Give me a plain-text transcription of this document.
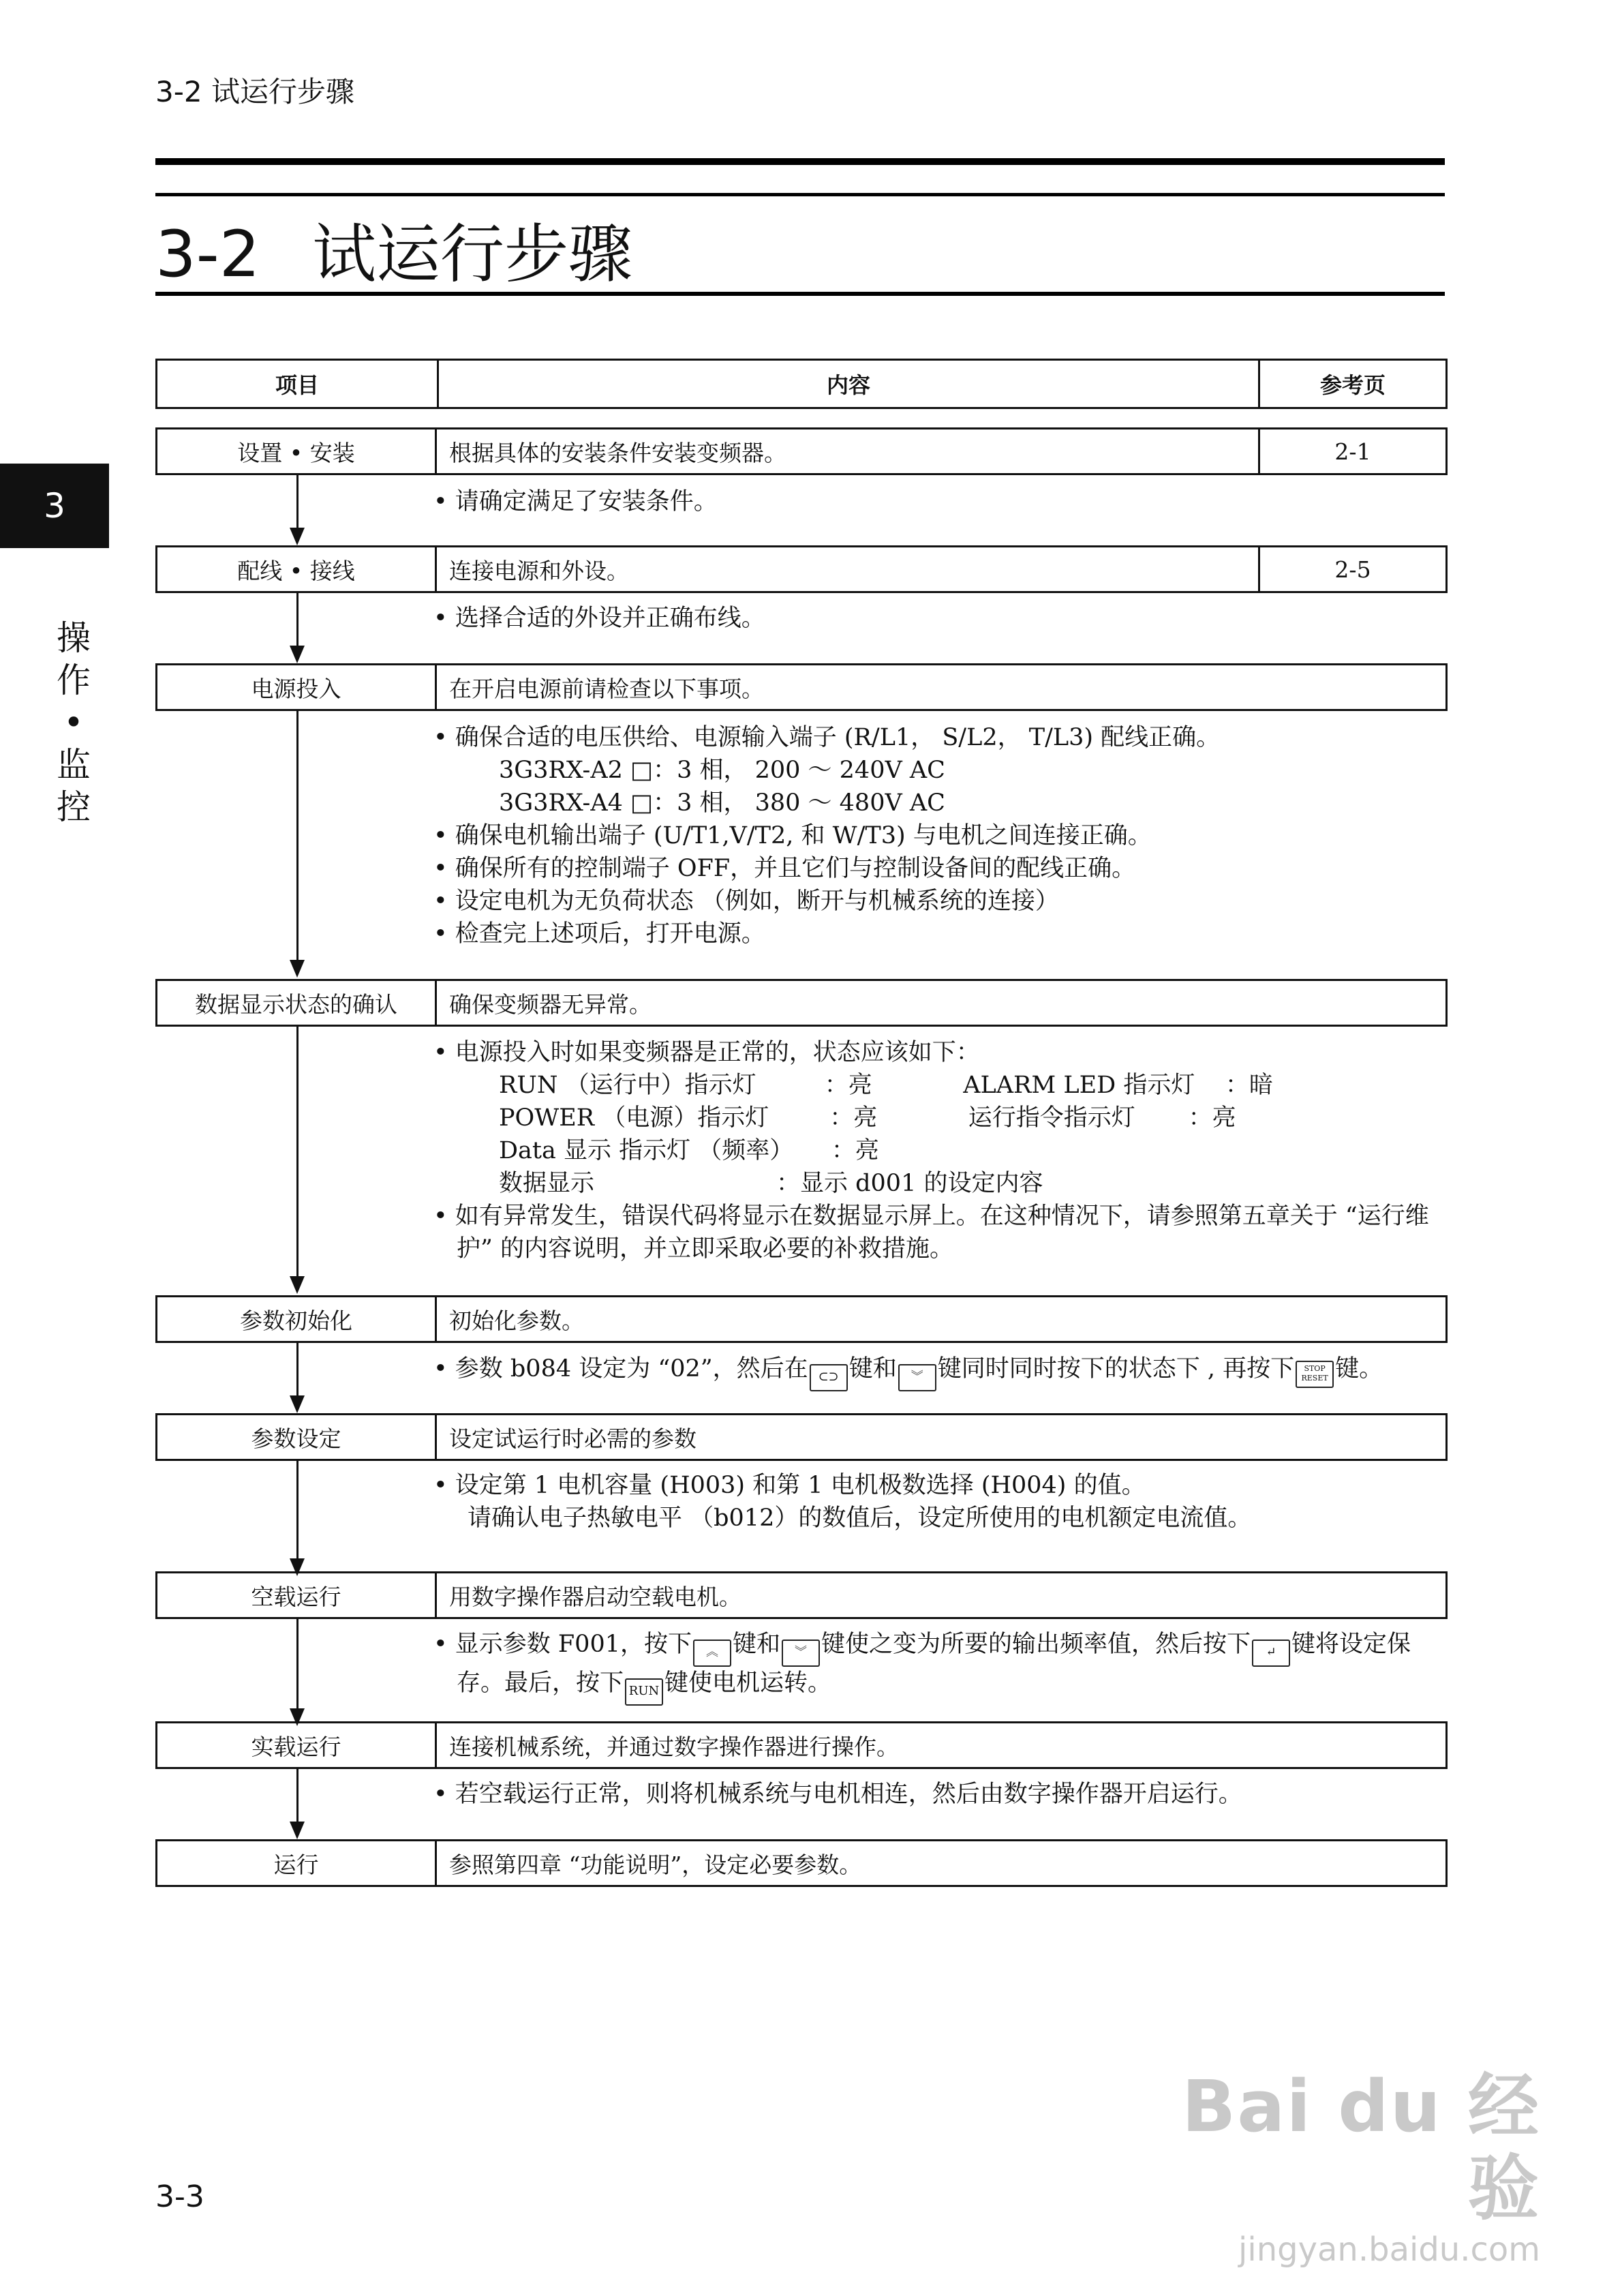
3-2 试运行步骤
3-2 试运行步骤
3
操
作
•
监
控
项目	内容	参考页
设置 • 安装	根据具体的安装条件安装变频器。	2-1
• 请确定满足了安装条件。
配线 • 接线	连接电源和外设。	2-5
• 选择合适的外设并正确布线。
电源投入	在开启电源前请检查以下事项。
• 确保合适的电压供给、电源输入端子 (R/L1， S/L2， T/L3) 配线正确。
3G3RX-A2 □：3 相， 200 ～ 240V AC
3G3RX-A4 □：3 相， 380 ～ 480V AC
• 确保电机输出端子 (U/T1,V/T2, 和 W/T3) 与电机之间连接正确。
• 确保所有的控制端子 OFF，并且它们与控制设备间的配线正确。
• 设定电机为无负荷状态 （例如，断开与机械系统的连接）
• 检查完上述项后，打开电源。
数据显示状态的确认	确保变频器无异常。
• 电源投入时如果变频器是正常的，状态应该如下：
RUN （运行中）指示灯         ：亮            ALARM LED 指示灯    ：暗
POWER （电源）指示灯        ：亮            运行指令指示灯       ：亮
Data 显示 指示灯 （频率）     ：亮
数据显示                        ：显示 d001 的设定内容
• 如有异常发生，错误代码将显示在数据显示屏上。在这种情况下，请参照第五章关于 “运行维护” 的内容说明，并立即采取必要的补救措施。
参数初始化	初始化参数。
• 参数 b084 设定为 “02”，然后在 ⊂⊃ 键和 ︾ 键同时同时按下的状态下 , 再按下 STOP RESET 键。
参数设定	设定试运行时必需的参数
• 设定第 1 电机容量 (H003) 和第 1 电机极数选择 (H004) 的值。
请确认电子热敏电平 （b012）的数值后，设定所使用的电机额定电流值。
空载运行	用数字操作器启动空载电机。
• 显示参数 F001，按下 ︽ 键和 ︾ 键使之变为所要的输出频率值，然后按下 ↵ 键将设定保存。最后，按下 RUN 键使电机运转。
实载运行	连接机械系统，并通过数字操作器进行操作。
• 若空载运行正常，则将机械系统与电机相连，然后由数字操作器开启运行。
运行	参照第四章 “功能说明”，设定必要参数。
3-3
Bai du 经验
jingyan.baidu.com
